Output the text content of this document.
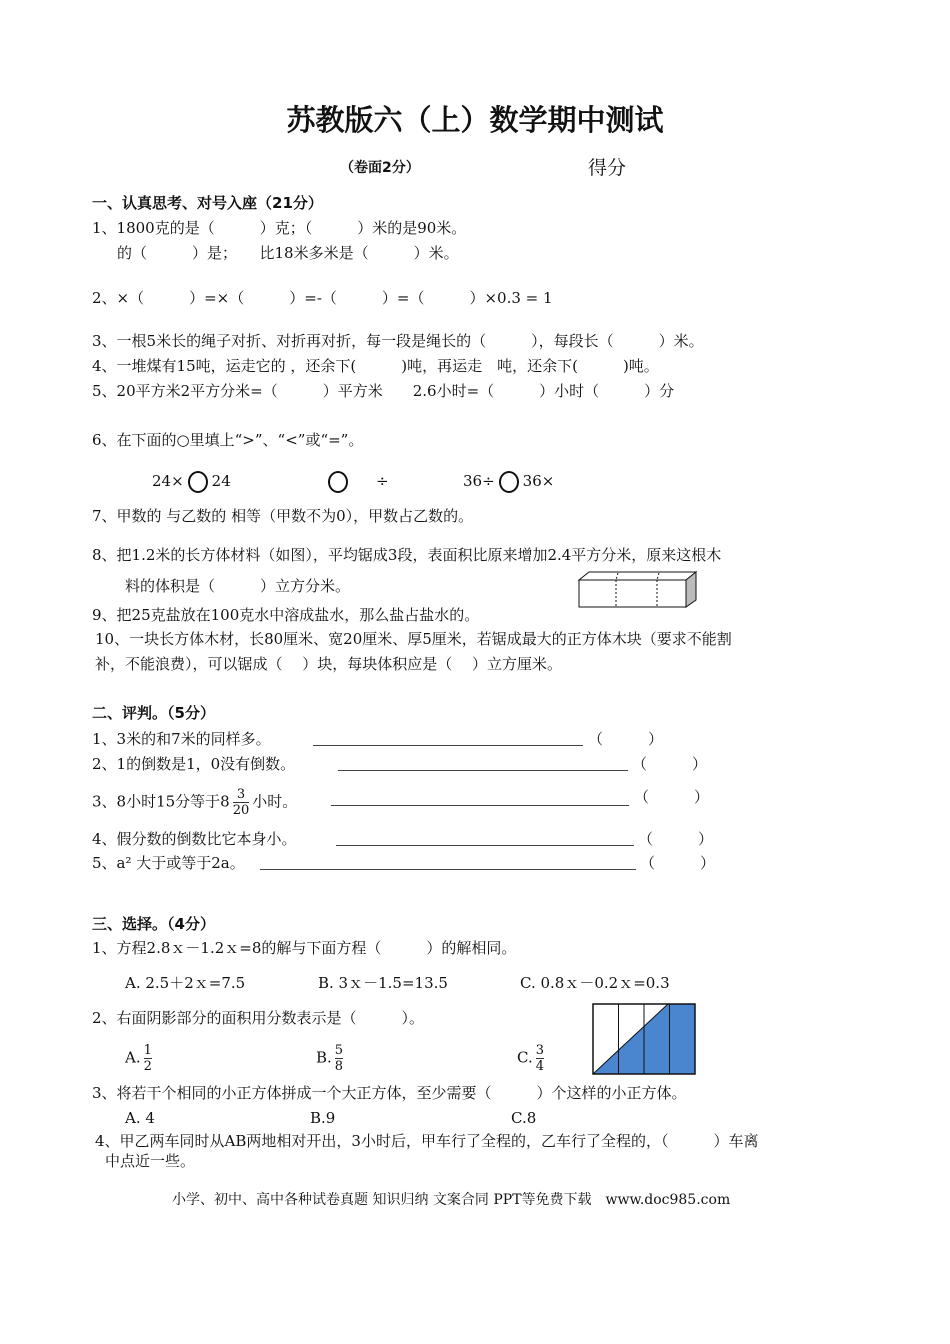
苏教版六（上）数学期中测试
（卷面2分）	得分
一、认真思考、对号入座（21分）
1、1800克的是（　　　）克；（　　　）米的是90米。
的（　　　）是；　　比18米多米是（　　　）米。
2、×（　　　）=×（　　　）=-（　　　）=（　　　）×0.3 = 1
3、一根5米长的绳子对折、对折再对折，每一段是绳长的（　　　），每段长（　　　）米。
4、一堆煤有15吨，运走它的 ，还余下(　　　)吨，再运走　吨，还余下(　　　)吨。
5、20平方米2平方分米=（　　　）平方米　　2.6小时=（　　　）小时（　　　）分
6、在下面的○里填上“>”、“<”或“=”。
24× 24	÷	36÷ 36×
7、甲数的 与乙数的 相等（甲数不为0），甲数占乙数的。
8、把1.2米的长方体材料（如图），平均锯成3段，表面积比原来增加2.4平方分米，原来这根木
料的体积是（　　　）立方分米。
9、把25克盐放在100克水中溶成盐水，那么盐占盐水的。
10、一块长方体木材，长80厘米、宽20厘米、厚5厘米，若锯成最大的正方体木块（要求不能割
补，不能浪费），可以锯成（　 ）块，每块体积应是（　 ）立方厘米。
二、评判。（5分）
1、3米的和7米的同样多。	（　　　）
2、1的倒数是1，0没有倒数。	（　　　）
3、8小时15分等于$8 \frac{3}{20}$ 小时。	（　　　）
4、假分数的倒数比它本身小。	（　　　）
5、a² 大于或等于2a。	（　　　）
三、选择。（4分）
1、方程2.8ｘ－1.2ｘ=8的解与下面方程（　　　）的解相同。
A. 2.5＋2ｘ=7.5	B. 3ｘ－1.5=13.5	C. 0.8ｘ－0.2ｘ=0.3
2、右面阴影部分的面积用分数表示是（　　　）。
A. $\frac{1}{2}$	B. $\frac{5}{8}$	C. $\frac{3}{4}$
3、将若干个相同的小正方体拼成一个大正方体，至少需要（　　　）个这样的小正方体。
A. 4	B.9	C.8
4、甲乙两车同时从AB两地相对开出，3小时后，甲车行了全程的，乙车行了全程的，（　　　）车离
中点近一些。
小学、初中、高中各种试卷真题 知识归纳 文案合同 PPT等免费下载　www.doc985.com
